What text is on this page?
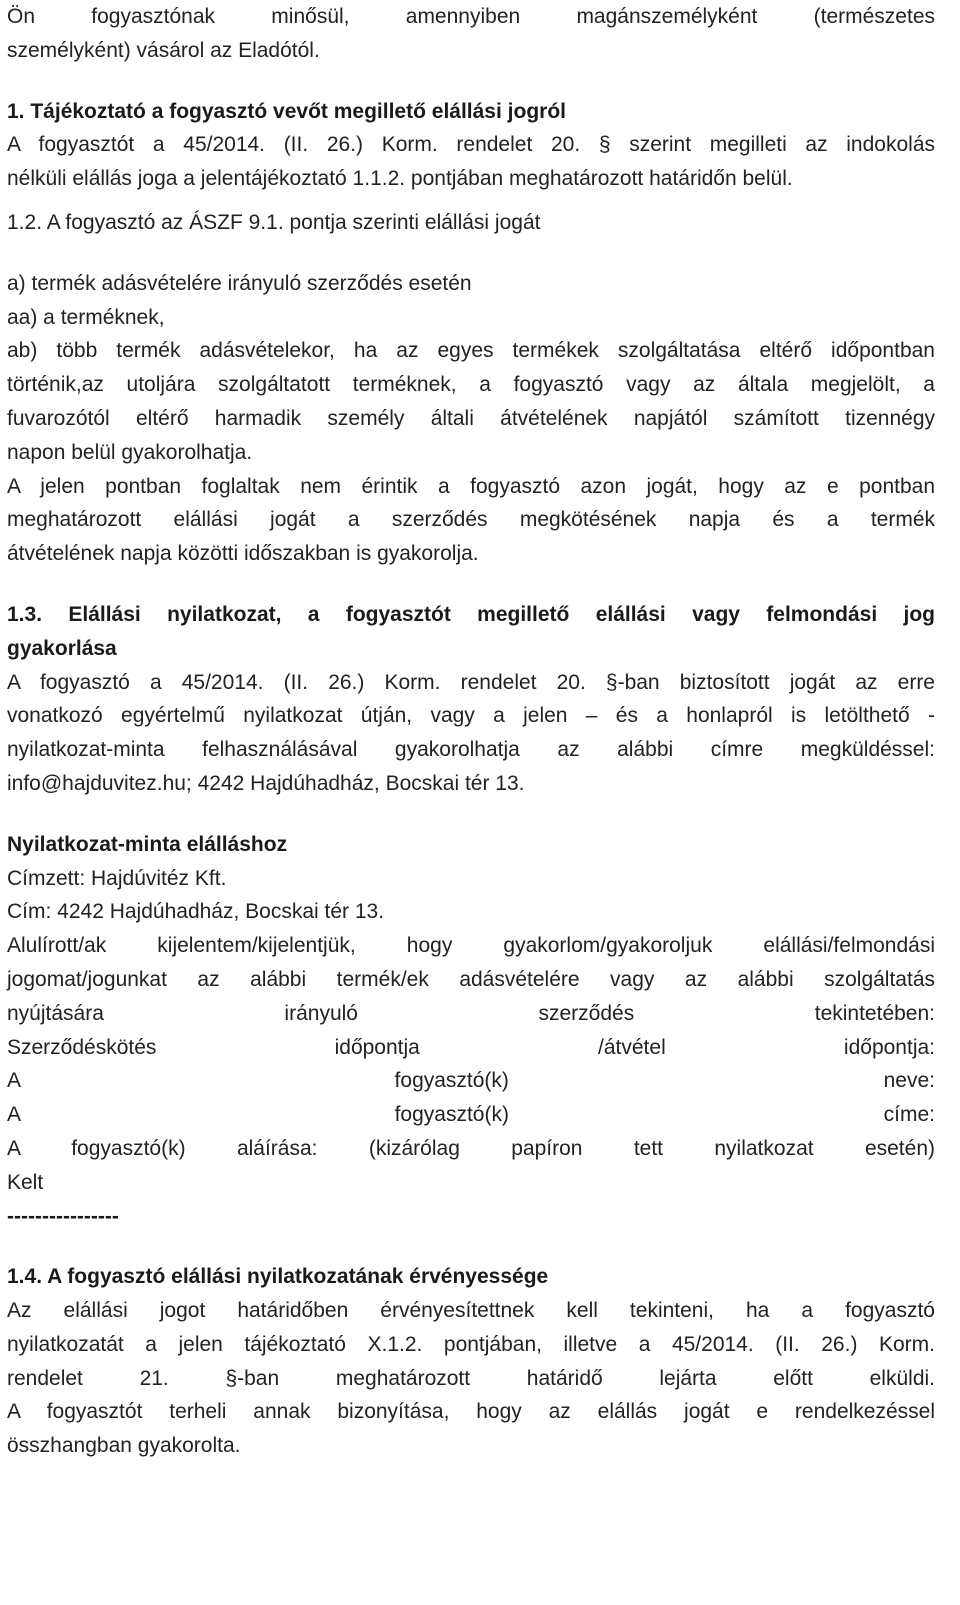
Ön fogyasztónak minősül, amennyiben magánszemélyként (természetes
személyként) vásárol az Eladótól.
1. Tájékoztató a fogyasztó vevőt megillető elállási jogról
A fogyasztót a 45/2014. (II. 26.) Korm. rendelet 20. § szerint megilleti az indokolás
nélküli elállás joga a jelentájékoztató 1.1.2. pontjában meghatározott határidőn belül.
1.2. A fogyasztó az ÁSZF 9.1. pontja szerinti elállási jogát
a) termék adásvételére irányuló szerződés esetén
aa) a terméknek,
ab) több termék adásvételekor, ha az egyes termékek szolgáltatása eltérő időpontban
történik,az utoljára szolgáltatott terméknek, a fogyasztó vagy az általa megjelölt, a
fuvarozótól eltérő harmadik személy általi átvételének napjától számított tizennégy
napon belül gyakorolhatja.
A jelen pontban foglaltak nem érintik a fogyasztó azon jogát, hogy az e pontban
meghatározott elállási jogát a szerződés megkötésének napja és a termék
átvételének napja közötti időszakban is gyakorolja.
1.3. Elállási nyilatkozat, a fogyasztót megillető elállási vagy felmondási jog
gyakorlása
A fogyasztó a 45/2014. (II. 26.) Korm. rendelet 20. §-ban biztosított jogát az erre
vonatkozó egyértelmű nyilatkozat útján, vagy a jelen – és a honlapról is letölthető -
nyilatkozat-minta felhasználásával gyakorolhatja az alábbi címre megküldéssel:
info@hajduvitez.hu; 4242 Hajdúhadház, Bocskai tér 13.
Nyilatkozat-minta elálláshoz
Címzett: Hajdúvitéz Kft.
Cím: 4242 Hajdúhadház, Bocskai tér 13.
Alulírott/ak kijelentem/kijelentjük, hogy gyakorlom/gyakoroljuk elállási/felmondási
jogomat/jogunkat az alábbi termék/ek adásvételére vagy az alábbi szolgáltatás
nyújtására irányuló szerződés tekintetében:
Szerződéskötés időpontja /átvétel időpontja:
A fogyasztó(k) neve:
A fogyasztó(k) címe:
A fogyasztó(k) aláírása: (kizárólag papíron tett nyilatkozat esetén)
Kelt
----------------
1.4. A fogyasztó elállási nyilatkozatának érvényessége
Az elállási jogot határidőben érvényesítettnek kell tekinteni, ha a fogyasztó
nyilatkozatát a jelen tájékoztató X.1.2. pontjában, illetve a 45/2014. (II. 26.) Korm.
rendelet 21. §-ban meghatározott határidő lejárta előtt elküldi.
A fogyasztót terheli annak bizonyítása, hogy az elállás jogát e rendelkezéssel
összhangban gyakorolta.
